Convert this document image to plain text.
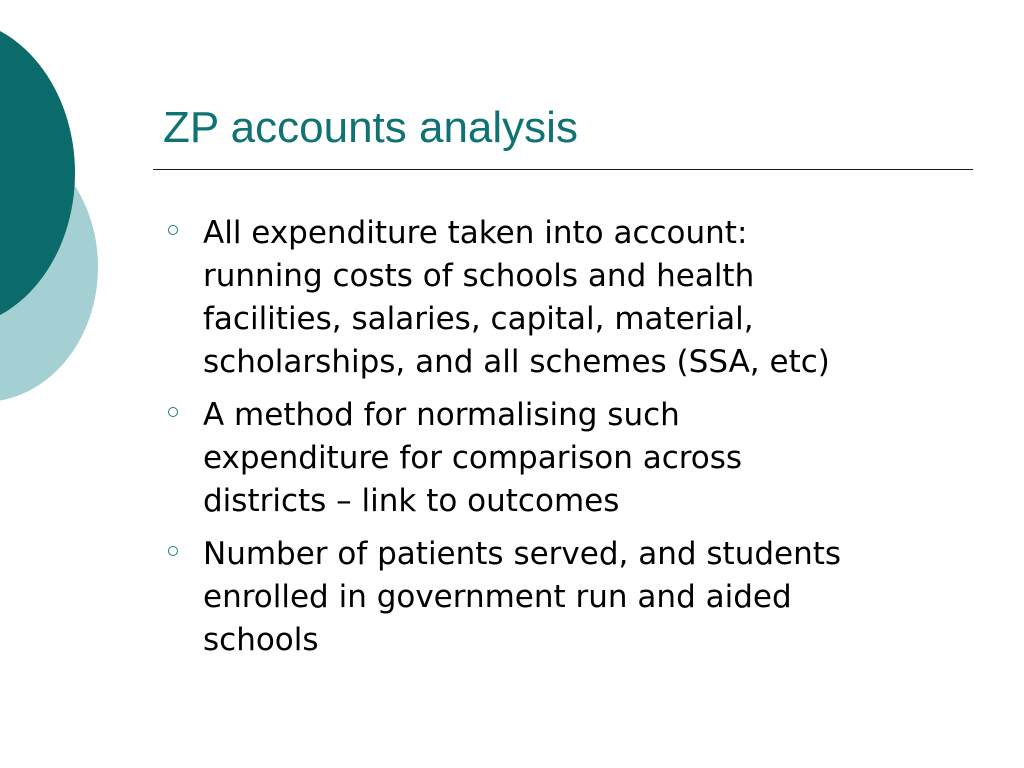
ZP accounts analysis
All expenditure taken into account:
running costs of schools and health
facilities, salaries, capital, material,
scholarships, and all schemes (SSA, etc)
A method for normalising such
expenditure for comparison across
districts – link to outcomes
Number of patients served, and students
enrolled in government run and aided
schools
